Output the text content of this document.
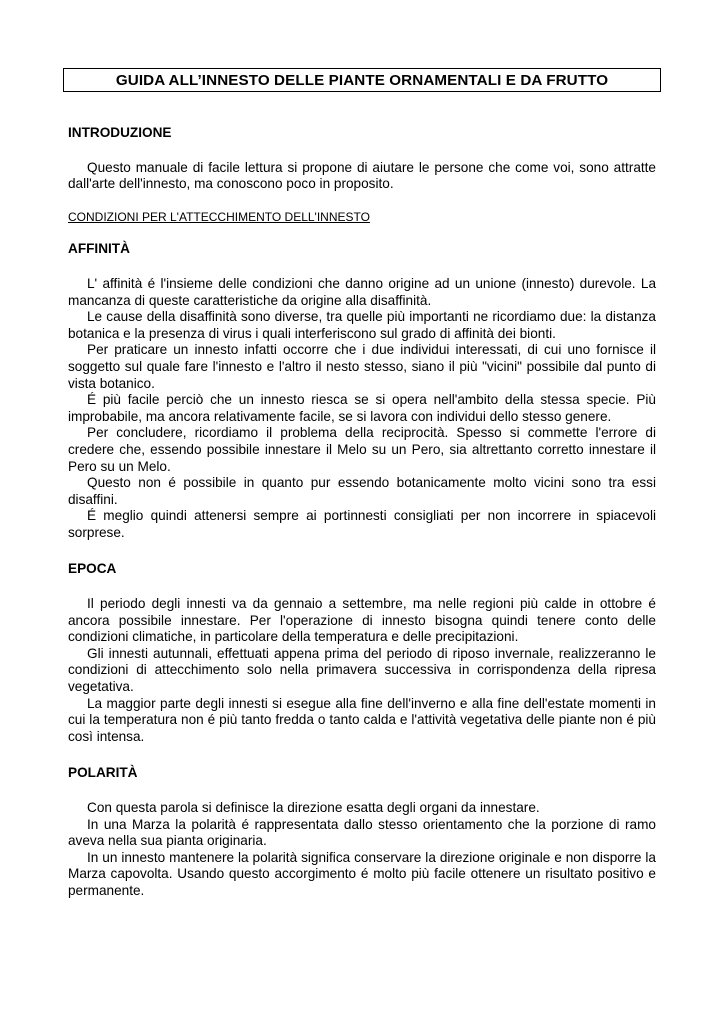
GUIDA ALL’INNESTO DELLE PIANTE ORNAMENTALI E DA FRUTTO
INTRODUZIONE

Questo manuale di facile lettura si propone di aiutare le persone che come voi, sono attratte dall'arte dell'innesto, ma conoscono poco in proposito.

CONDIZIONI PER L'ATTECCHIMENTO DELL'INNESTO

AFFINITÀ

L' affinità é l'insieme delle condizioni che danno origine ad un unione (innesto) durevole. La mancanza di queste caratteristiche da origine alla disaffinità.

Le cause della disaffinità sono diverse, tra quelle più importanti ne ricordiamo due: la distanza botanica e la presenza di virus i quali interferiscono sul grado di affinità dei bionti.

Per praticare un innesto infatti occorre che i due individui interessati, di cui uno fornisce il soggetto sul quale fare l'innesto e l'altro il nesto stesso, siano il più "vicini" possibile dal punto di vista botanico.

É più facile perciò che un innesto riesca se si opera nell'ambito della stessa specie. Più improbabile, ma ancora relativamente facile, se si lavora con individui dello stesso genere.

Per concludere, ricordiamo il problema della reciprocità. Spesso si commette l'errore di credere che, essendo possibile innestare il Melo su un Pero, sia altrettanto corretto innestare il Pero su un Melo.

Questo non é possibile in quanto pur essendo botanicamente molto vicini sono tra essi disaffini.

É meglio quindi attenersi sempre ai portinnesti consigliati per non incorrere in spiacevoli sorprese.

EPOCA

Il periodo degli innesti va da gennaio a settembre, ma nelle regioni più calde in ottobre é ancora possibile innestare. Per l'operazione di innesto bisogna quindi tenere conto delle condizioni climatiche, in particolare della temperatura e delle precipitazioni.

Gli innesti autunnali, effettuati appena prima del periodo di riposo invernale, realizzeranno le condizioni di attecchimento solo nella primavera successiva in corrispondenza della ripresa vegetativa.

La maggior parte degli innesti si esegue alla fine dell'inverno e alla fine dell'estate momenti in cui la temperatura non é più tanto fredda o tanto calda e l'attività vegetativa delle piante non é più così intensa.

POLARITÀ

Con questa parola si definisce la direzione esatta degli organi da innestare.

In una Marza la polarità é rappresentata dallo stesso orientamento che la porzione di ramo aveva nella sua pianta originaria.

In un innesto mantenere la polarità significa conservare la direzione originale e non disporre la Marza capovolta. Usando questo accorgimento é molto più facile ottenere un risultato positivo e permanente.
